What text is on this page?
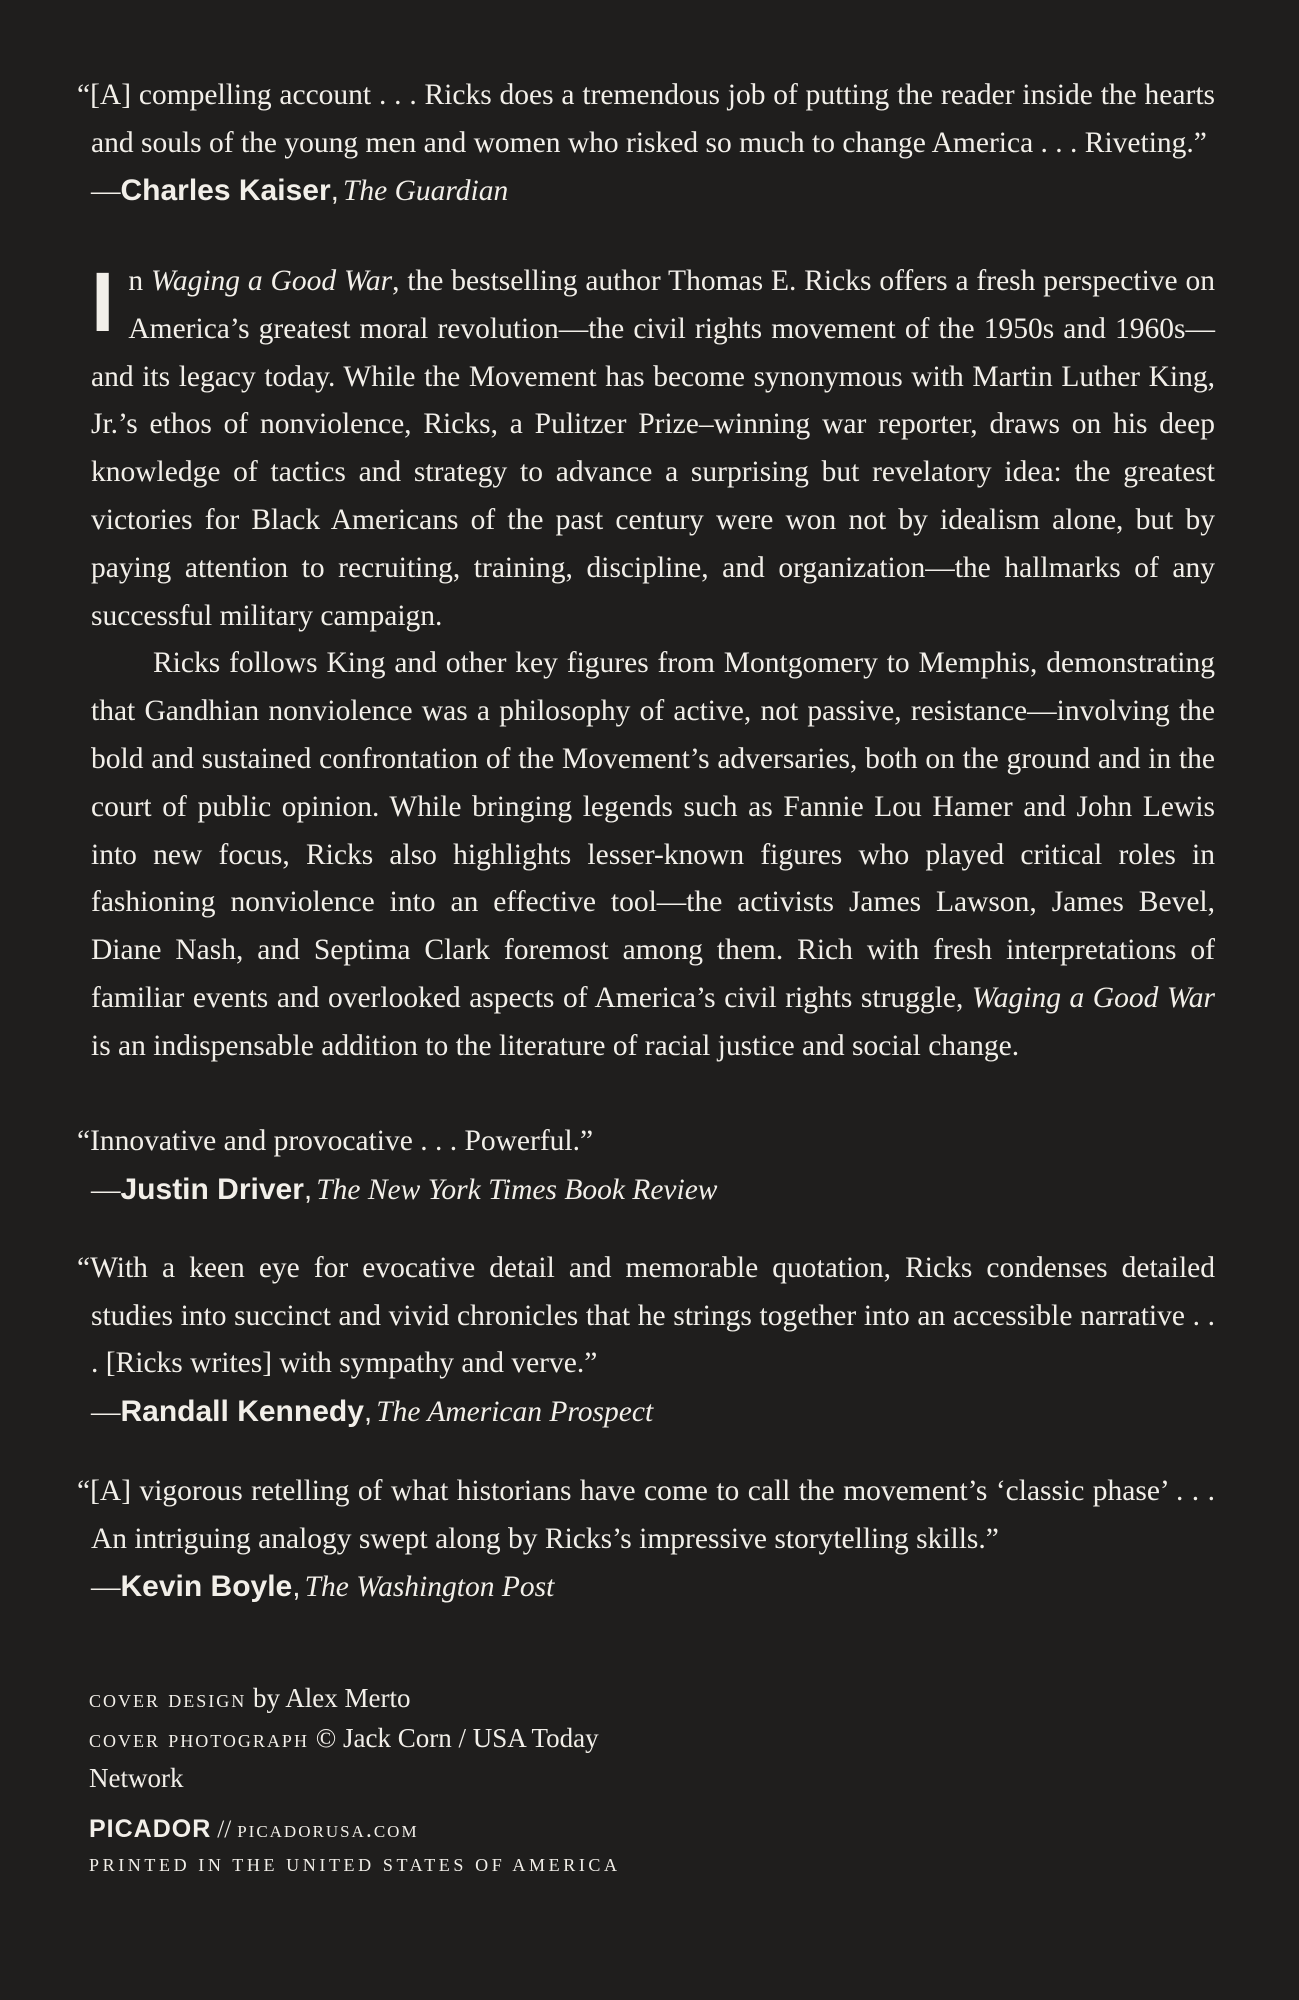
“[A] compelling account . . . Ricks does a tremendous job of putting the reader inside the hearts and souls of the young men and women who risked so much to change America . . . Riveting.”

—Charles Kaiser, The Guardian

In Waging a Good War, the bestselling author Thomas E. Ricks offers a fresh perspective on America’s greatest moral revolution—the civil rights movement of the 1950s and 1960s—and its legacy today. While the Movement has become synonymous with Martin Luther King, Jr.’s ethos of nonviolence, Ricks, a Pulitzer Prize–winning war reporter, draws on his deep knowledge of tactics and strategy to advance a surprising but revelatory idea: the greatest victories for Black Americans of the past century were won not by idealism alone, but by paying attention to recruiting, training, discipline, and organization—the hallmarks of any successful military campaign.

Ricks follows King and other key figures from Montgomery to Memphis, demonstrating that Gandhian nonviolence was a philosophy of active, not passive, resistance—involving the bold and sustained confrontation of the Movement’s adversaries, both on the ground and in the court of public opinion. While bringing legends such as Fannie Lou Hamer and John Lewis into new focus, Ricks also highlights lesser-known figures who played critical roles in fashioning nonviolence into an effective tool—the activists James Lawson, James Bevel, Diane Nash, and Septima Clark foremost among them. Rich with fresh interpretations of familiar events and overlooked aspects of America’s civil rights struggle, Waging a Good War is an indispensable addition to the literature of racial justice and social change.

“Innovative and provocative . . . Powerful.”

—Justin Driver, The New York Times Book Review

“With a keen eye for evocative detail and memorable quotation, Ricks condenses detailed studies into succinct and vivid chronicles that he strings together into an accessible narrative . . . [Ricks writes] with sympathy and verve.”

—Randall Kennedy, The American Prospect

“[A] vigorous retelling of what historians have come to call the movement’s ‘classic phase’ . . . An intriguing analogy swept along by Ricks’s impressive storytelling skills.”

—Kevin Boyle, The Washington Post

cover design by Alex Merto

cover photograph © Jack Corn / USA Today Network

PICADOR // picadorusa.com

PRINTED IN THE UNITED STATES OF AMERICA
